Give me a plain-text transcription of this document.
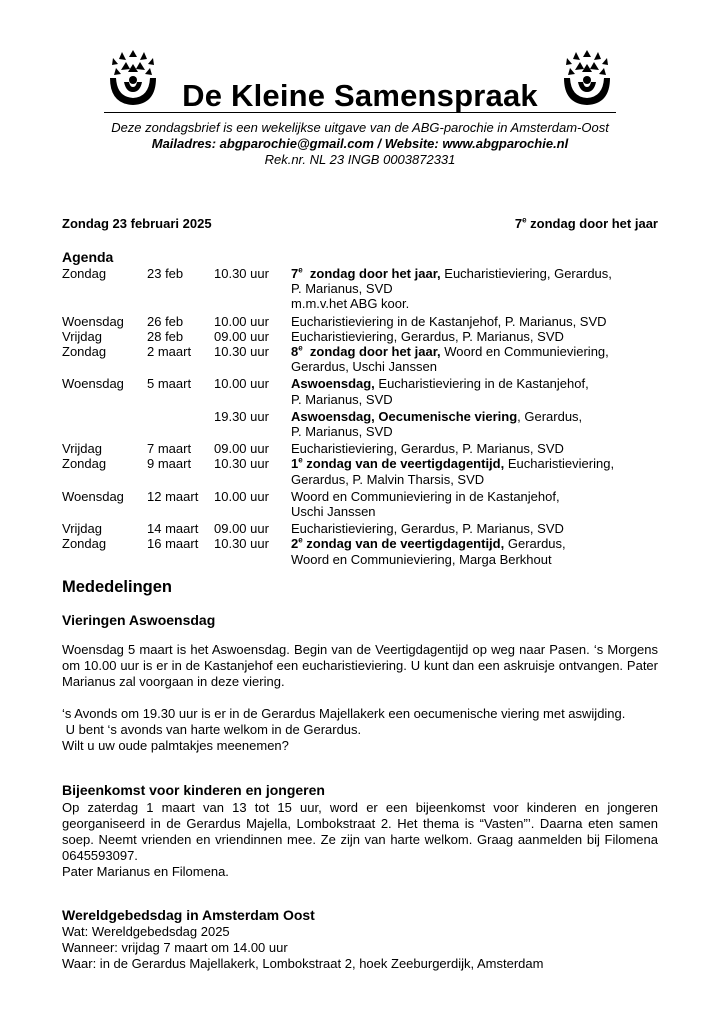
De Kleine Samenspraak
Deze zondagsbrief is een wekelijkse uitgave van de ABG-parochie in Amsterdam-Oost
Mailadres: abgparochie@gmail.com / Website: www.abgparochie.nl
Rek.nr. NL 23 INGB 0003872331
Zondag 23 februari 2025	7e zondag door het jaar
Agenda
Zondag	23 feb 10.30 uur 7e  zondag door het jaar, Eucharistieviering, Gerardus,
P. Marianus, SVD
m.m.v.het ABG koor.
Woensdag 26 feb 10.00 uur Eucharistieviering in de Kastanjehof, P. Marianus, SVD
Vrijdag	28 feb 09.00 uur Eucharistieviering, Gerardus, P. Marianus, SVD
Zondag	2 maart 10.30 uur 8e  zondag door het jaar, Woord en Communieviering,
Gerardus, Uschi Janssen
Woensdag 5 maart 10.00 uur Aswoensdag, Eucharistieviering in de Kastanjehof,
P. Marianus, SVD
19.30 uur Aswoensdag, Oecumenische viering, Gerardus,
P. Marianus, SVD
Vrijdag	7 maart 09.00 uur Eucharistieviering, Gerardus, P. Marianus, SVD
Zondag	9 maart 10.30 uur 1e zondag van de veertigdagentijd, Eucharistieviering,
Gerardus, P. Malvin Tharsis, SVD
Woensdag 12 maart 10.00 uur Woord en Communieviering in de Kastanjehof,
Uschi Janssen
Vrijdag	14 maart 09.00 uur Eucharistieviering, Gerardus, P. Marianus, SVD
Zondag	16 maart 10.30 uur 2e zondag van de veertigdagentijd, Gerardus,
Woord en Communieviering, Marga Berkhout
Mededelingen
Vieringen Aswoensdag

Woensdag 5 maart is het Aswoensdag. Begin van de Veertigdagentijd op weg naar Pasen. ‘s Morgens om 10.00 uur is er in de Kastanjehof een eucharistieviering. U kunt dan een askruisje ontvangen. Pater Marianus zal voorgaan in deze viering.

‘s Avonds om 19.30 uur is er in de Gerardus Majellakerk een oecumenische viering met aswijding.

U bent ‘s avonds van harte welkom in de Gerardus.

Wilt u uw oude palmtakjes meenemen?

Bijeenkomst voor kinderen en jongeren

Op zaterdag 1 maart van 13 tot 15 uur, word er een bijeenkomst voor kinderen en jongeren georganiseerd in de Gerardus Majella, Lombokstraat 2. Het thema is “Vasten”’. Daarna eten samen soep. Neemt vrienden en vriendinnen mee. Ze zijn van harte welkom. Graag aanmelden bij Filomena 0645593097.

Pater Marianus en Filomena.

Wereldgebedsdag in Amsterdam Oost

Wat: Wereldgebedsdag 2025

Wanneer: vrijdag 7 maart om 14.00 uur

Waar: in de Gerardus Majellakerk, Lombokstraat 2, hoek Zeeburgerdijk, Amsterdam
